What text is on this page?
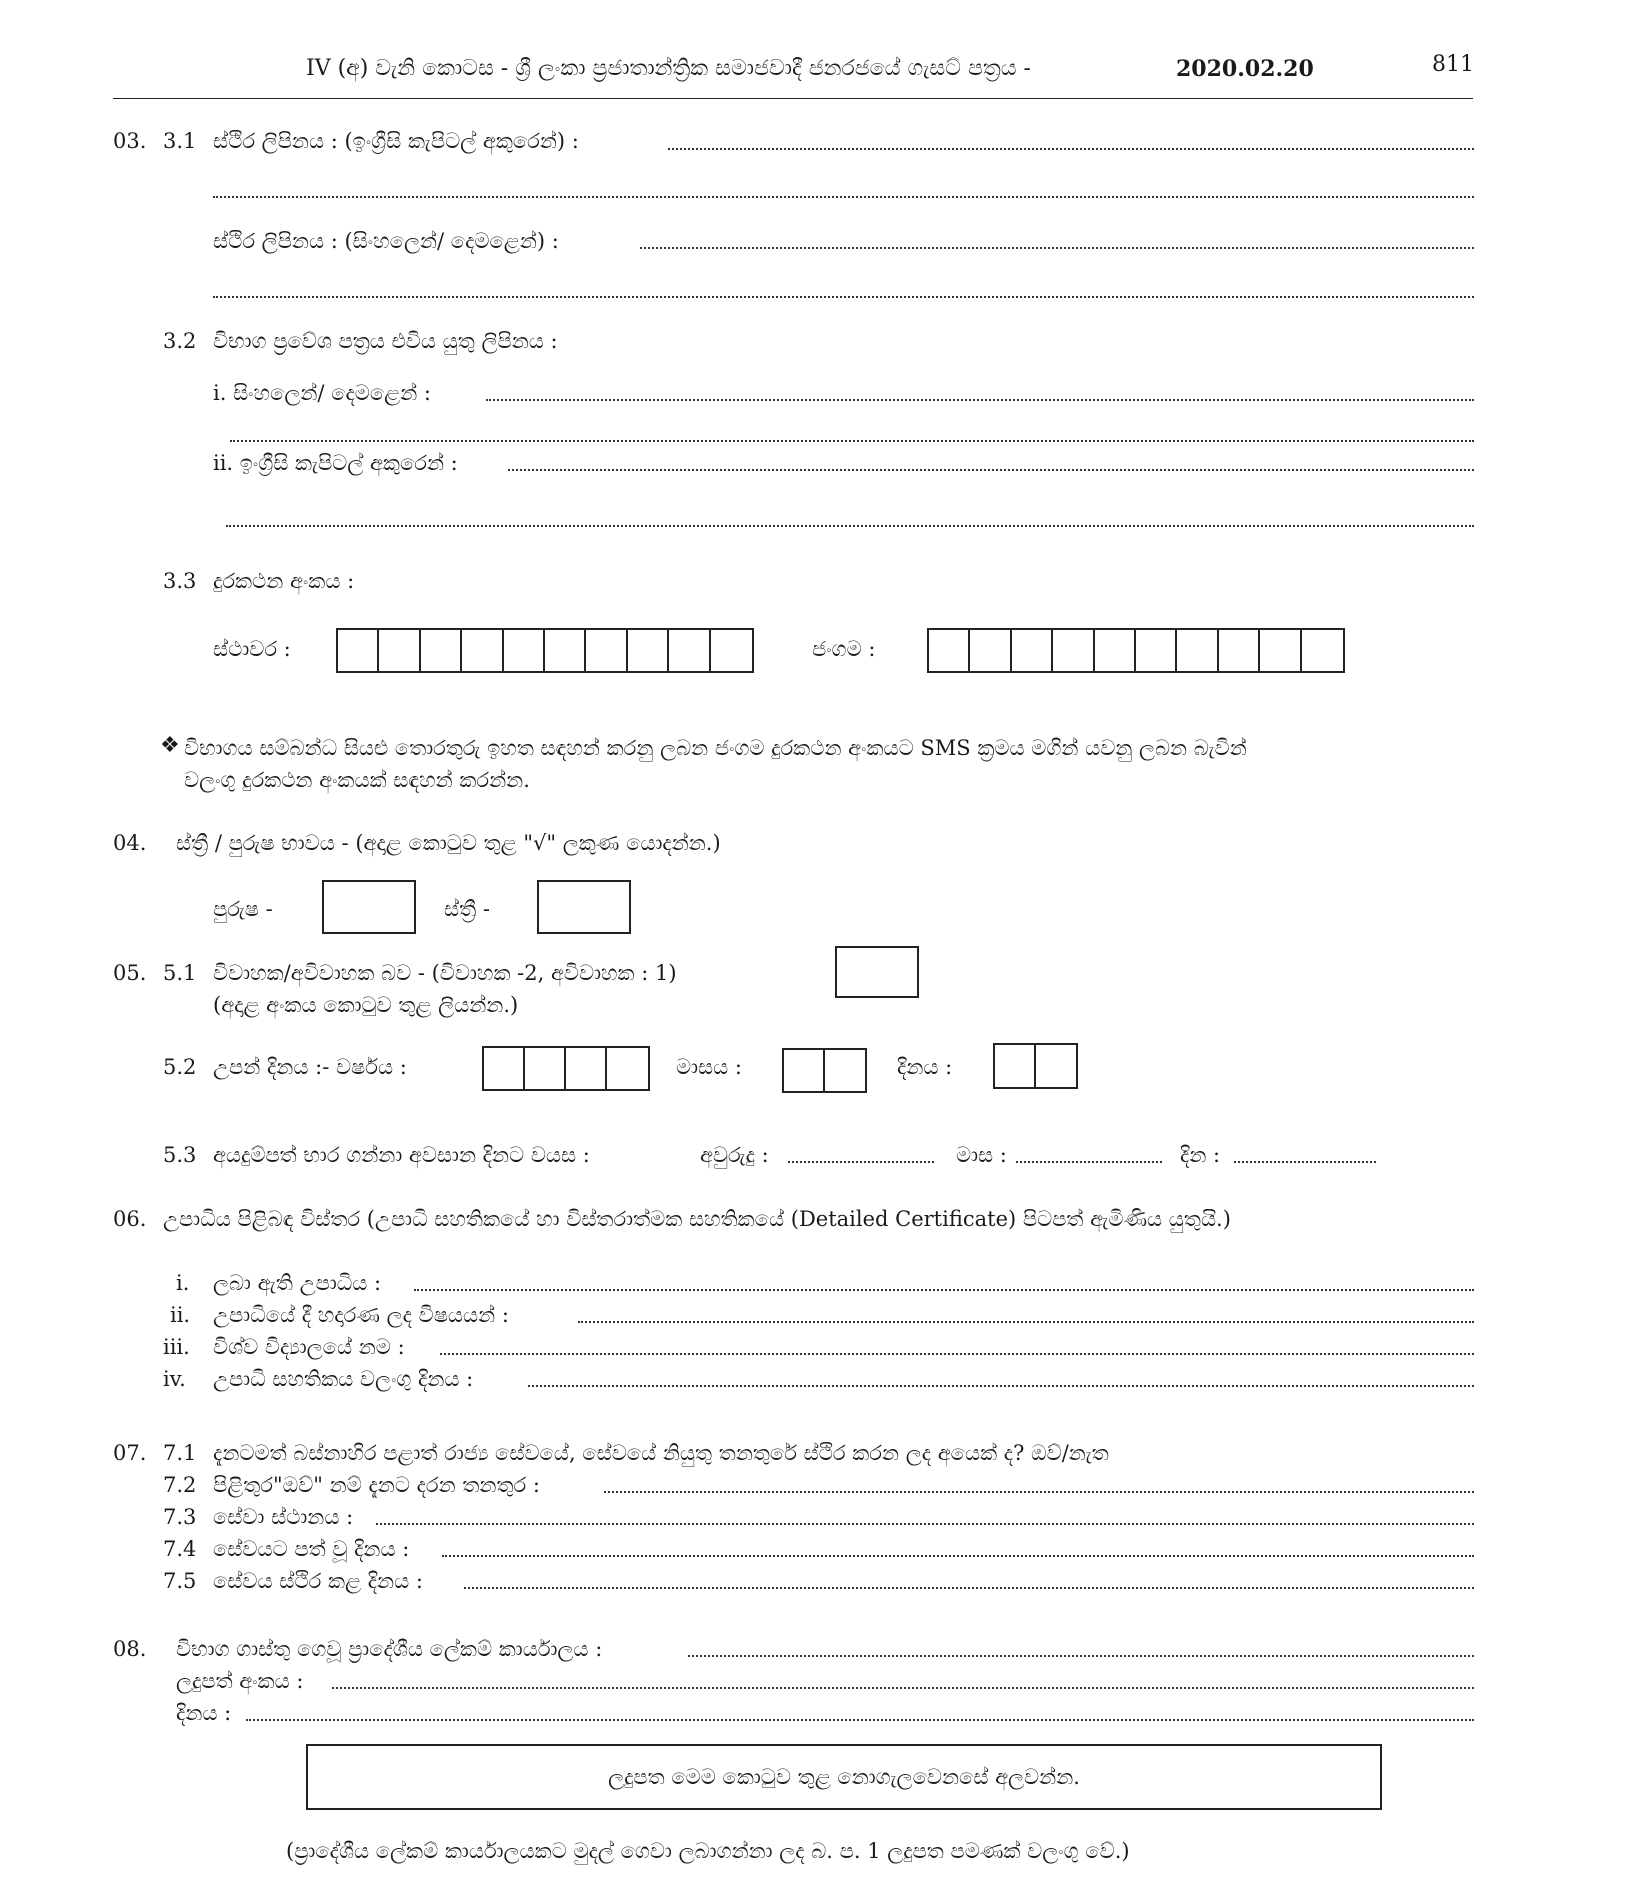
IV (අ) වැනි කොටස - ශ්‍රී ලංකා ප්‍රජාතාන්ත්‍රික සමාජවාදී ජනරජයේ ගැසට් පත්‍රය -	2020.02.20	811
03. 3.1 ස්ථිර ලිපිනය : (ඉංග්‍රීසි කැපිටල් අකුරෙන්) :
ස්ථිර ලිපිනය : (සිංහලෙන්/ දෙමළෙන්) :
3.2 විභාග ප්‍රවේශ පත්‍රය එවිය යුතු ලිපිනය :
i. සිංහලෙන්/ දෙමළෙන් :
ii. ඉංග්‍රීසි කැපිටල් අකුරෙන් :
3.3 දුරකථන අංකය :
ස්ථාවර :	ජංගම :
❖ විභාගය සම්බන්ධ සියළු තොරතුරු ඉහත සඳහන් කරනු ලබන ජංගම දුරකථන අංකයට SMS ක්‍රමය මගින් යවනු ලබන බැවින්
වලංගු දුරකථන අංකයක් සඳහන් කරන්න.
04. ස්ත්‍රී / පුරුෂ භාවය - (අදාළ කොටුව තුළ "√" ලකුණ යොදන්න.)
පුරුෂ -	ස්ත්‍රී -
05. 5.1 විවාහක/අවිවාහක බව - (විවාහක -2, අවිවාහක : 1)
(අදාළ අංකය කොටුව තුළ ලියන්න.)
5.2 උපන් දිනය :- වර්ෂය :	මාසය :	දිනය :
5.3 අයදුම්පත් භාර ගන්නා අවසාන දිනට වයස :	අවුරුදු :	මාස :	දින :
06. උපාධිය පිළිබඳ විස්තර (උපාධි සහතිකයේ හා විස්තරාත්මක සහතිකයේ (Detailed Certificate) පිටපත් ඇමිණිය යුතුයි.)
i. ලබා ඇති උපාධිය :
ii. උපාධියේ දී හදාරණ ලද විෂයයන් :
iii. විශ්ව විද්‍යාලයේ නම :
iv. උපාධි සහතිකය වලංගු දිනය :
07. 7.1 දැනටමත් බස්නාහිර පළාත් රාජ්‍ය සේවයේ, සේවයේ නියුතු තනතුරේ ස්ථිර කරන ලද අයෙක් ද? ඔව්/නැත
7.2 පිළිතුර"ඔව්" නම් දැනට දරන තනතුර :
7.3 සේවා ස්ථානය :
7.4 සේවයට පත් වූ දිනය :
7.5 සේවය ස්ථිර කළ දිනය :
08. විභාග ගාස්තු ගෙවූ ප්‍රාදේශීය ලේකම් කාර්යාලය :
ලදුපත් අංකය :
දිනය :
ලදුපත මෙම කොටුව තුළ නොගැලවෙනසේ අලවන්න.
(ප්‍රාදේශීය ලේකම් කාර්යාලයකට මුදල් ගෙවා ලබාගන්නා ලද බ. ප. 1 ලදුපත පමණක් වලංගු වේ.)
